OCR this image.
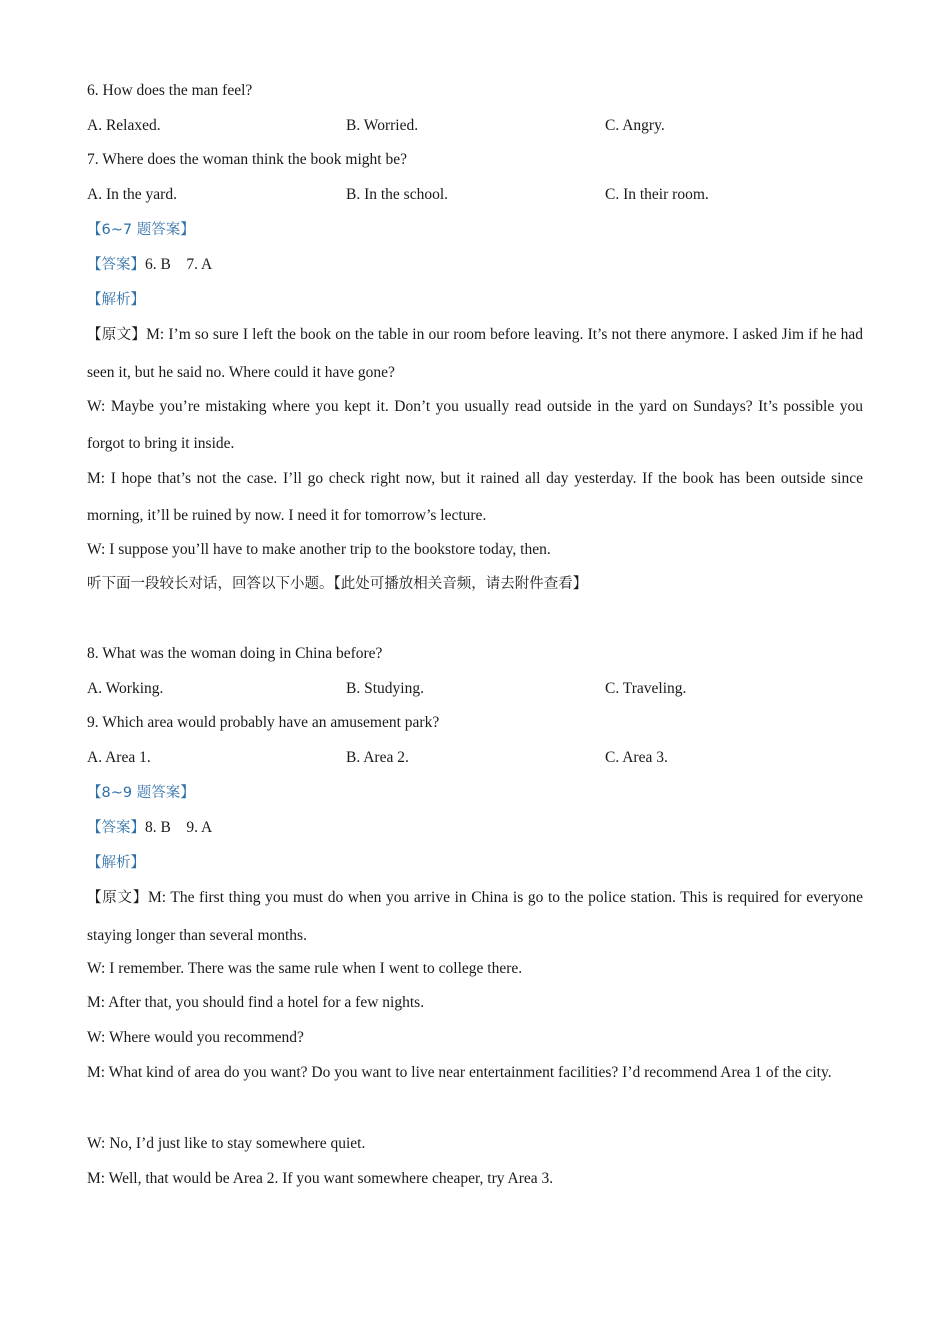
6. How does the man feel?
A. Relaxed.	B. Worried.	C. Angry.
7. Where does the woman think the book might be?
A. In the yard.	B. In the school.	C. In their room.
【6~7 题答案】
【答案】6. B    7. A
【解析】
【原文】M: I’m so sure I left the book on the table in our room before leaving. It’s not there anymore. I asked Jim if he had seen it, but he said no. Where could it have gone?
W: Maybe you’re mistaking where you kept it. Don’t you usually read outside in the yard on Sundays? It’s possible you forgot to bring it inside.
M: I hope that’s not the case. I’ll go check right now, but it rained all day yesterday. If the book has been outside since morning, it’ll be ruined by now. I need it for tomorrow’s lecture.
W: I suppose you’ll have to make another trip to the bookstore today, then.
听下面一段较长对话，回答以下小题。【此处可播放相关音频，请去附件查看】
8. What was the woman doing in China before?
A. Working.	B. Studying.	C. Traveling.
9. Which area would probably have an amusement park?
A. Area 1.	B. Area 2.	C. Area 3.
【8~9 题答案】
【答案】8. B    9. A
【解析】
【原文】M: The first thing you must do when you arrive in China is go to the police station. This is required for everyone staying longer than several months.
W: I remember. There was the same rule when I went to college there.
M: After that, you should find a hotel for a few nights.
W: Where would you recommend?
M: What kind of area do you want? Do you want to live near entertainment facilities? I’d recommend Area 1 of the city.
W: No, I’d just like to stay somewhere quiet.
M: Well, that would be Area 2. If you want somewhere cheaper, try Area 3.
